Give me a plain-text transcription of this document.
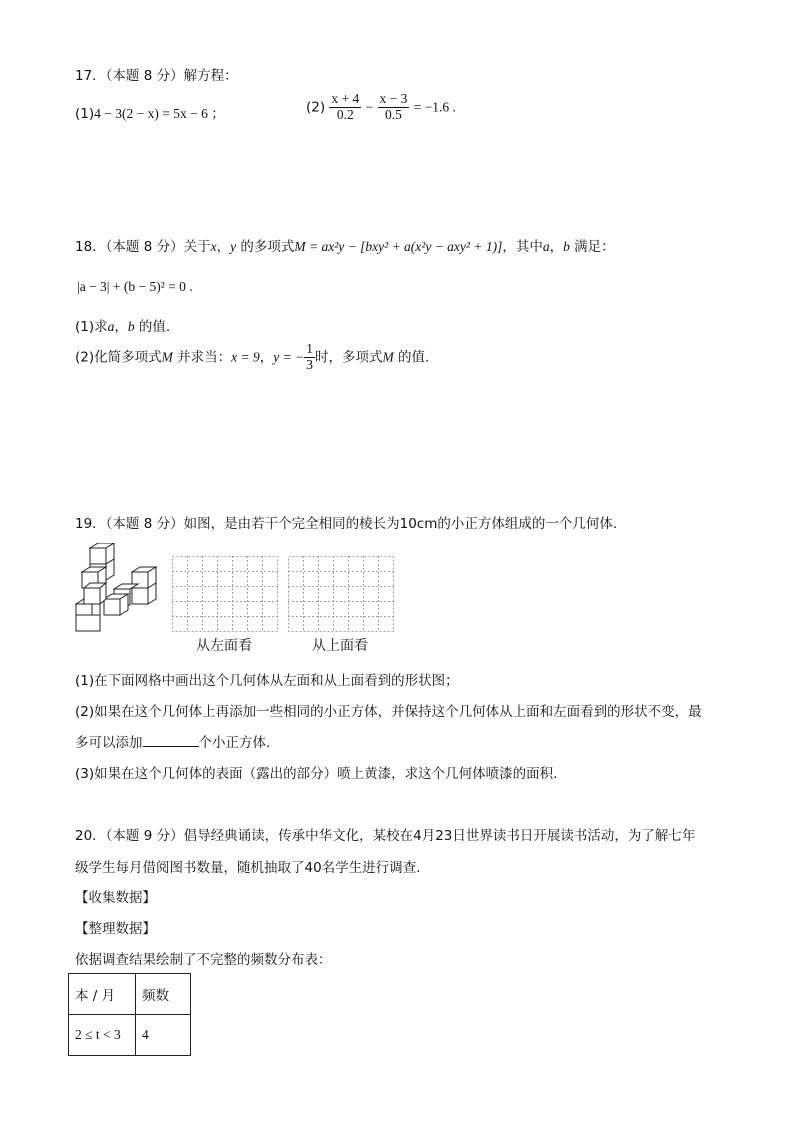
17．（本题 8 分）解方程：
(1)4 − 3(2 − x) = 5x − 6 ；	$(2) \frac{x + 4}{0.2} - \frac{x - 3}{0.5} = -1.6$ .
18．（本题 8 分）关于x，y 的多项式M = ax²y − [bxy² + a(x²y − axy² + 1)]，其中a，b 满足：
|a − 3| + (b − 5)² = 0 .
(1)求a，b 的值.
(2)化简多项式M 并求当：x = 9，y = − $\frac{1}{3}$ 时，多项式M 的值.
19．（本题 8 分）如图，是由若干个完全相同的棱长为10cm的小正方体组成的一个几何体.
从左面看	从上面看
(1)在下面网格中画出这个几何体从左面和从上面看到的形状图；
(2)如果在这个几何体上再添加一些相同的小正方体，并保持这个几何体从上面和左面看到的形状不变，最
多可以添加	个小正方体.
(3)如果在这个几何体的表面（露出的部分）喷上黄漆，求这个几何体喷漆的面积.
20．（本题 9 分）倡导经典诵读，传承中华文化，某校在4月23日世界读书日开展读书活动，为了解七年
级学生每月借阅图书数量，随机抽取了40名学生进行调查.
【收集数据】
【整理数据】
依据调查结果绘制了不完整的频数分布表：
本 / 月	频数
2 ≤ t < 3	4
